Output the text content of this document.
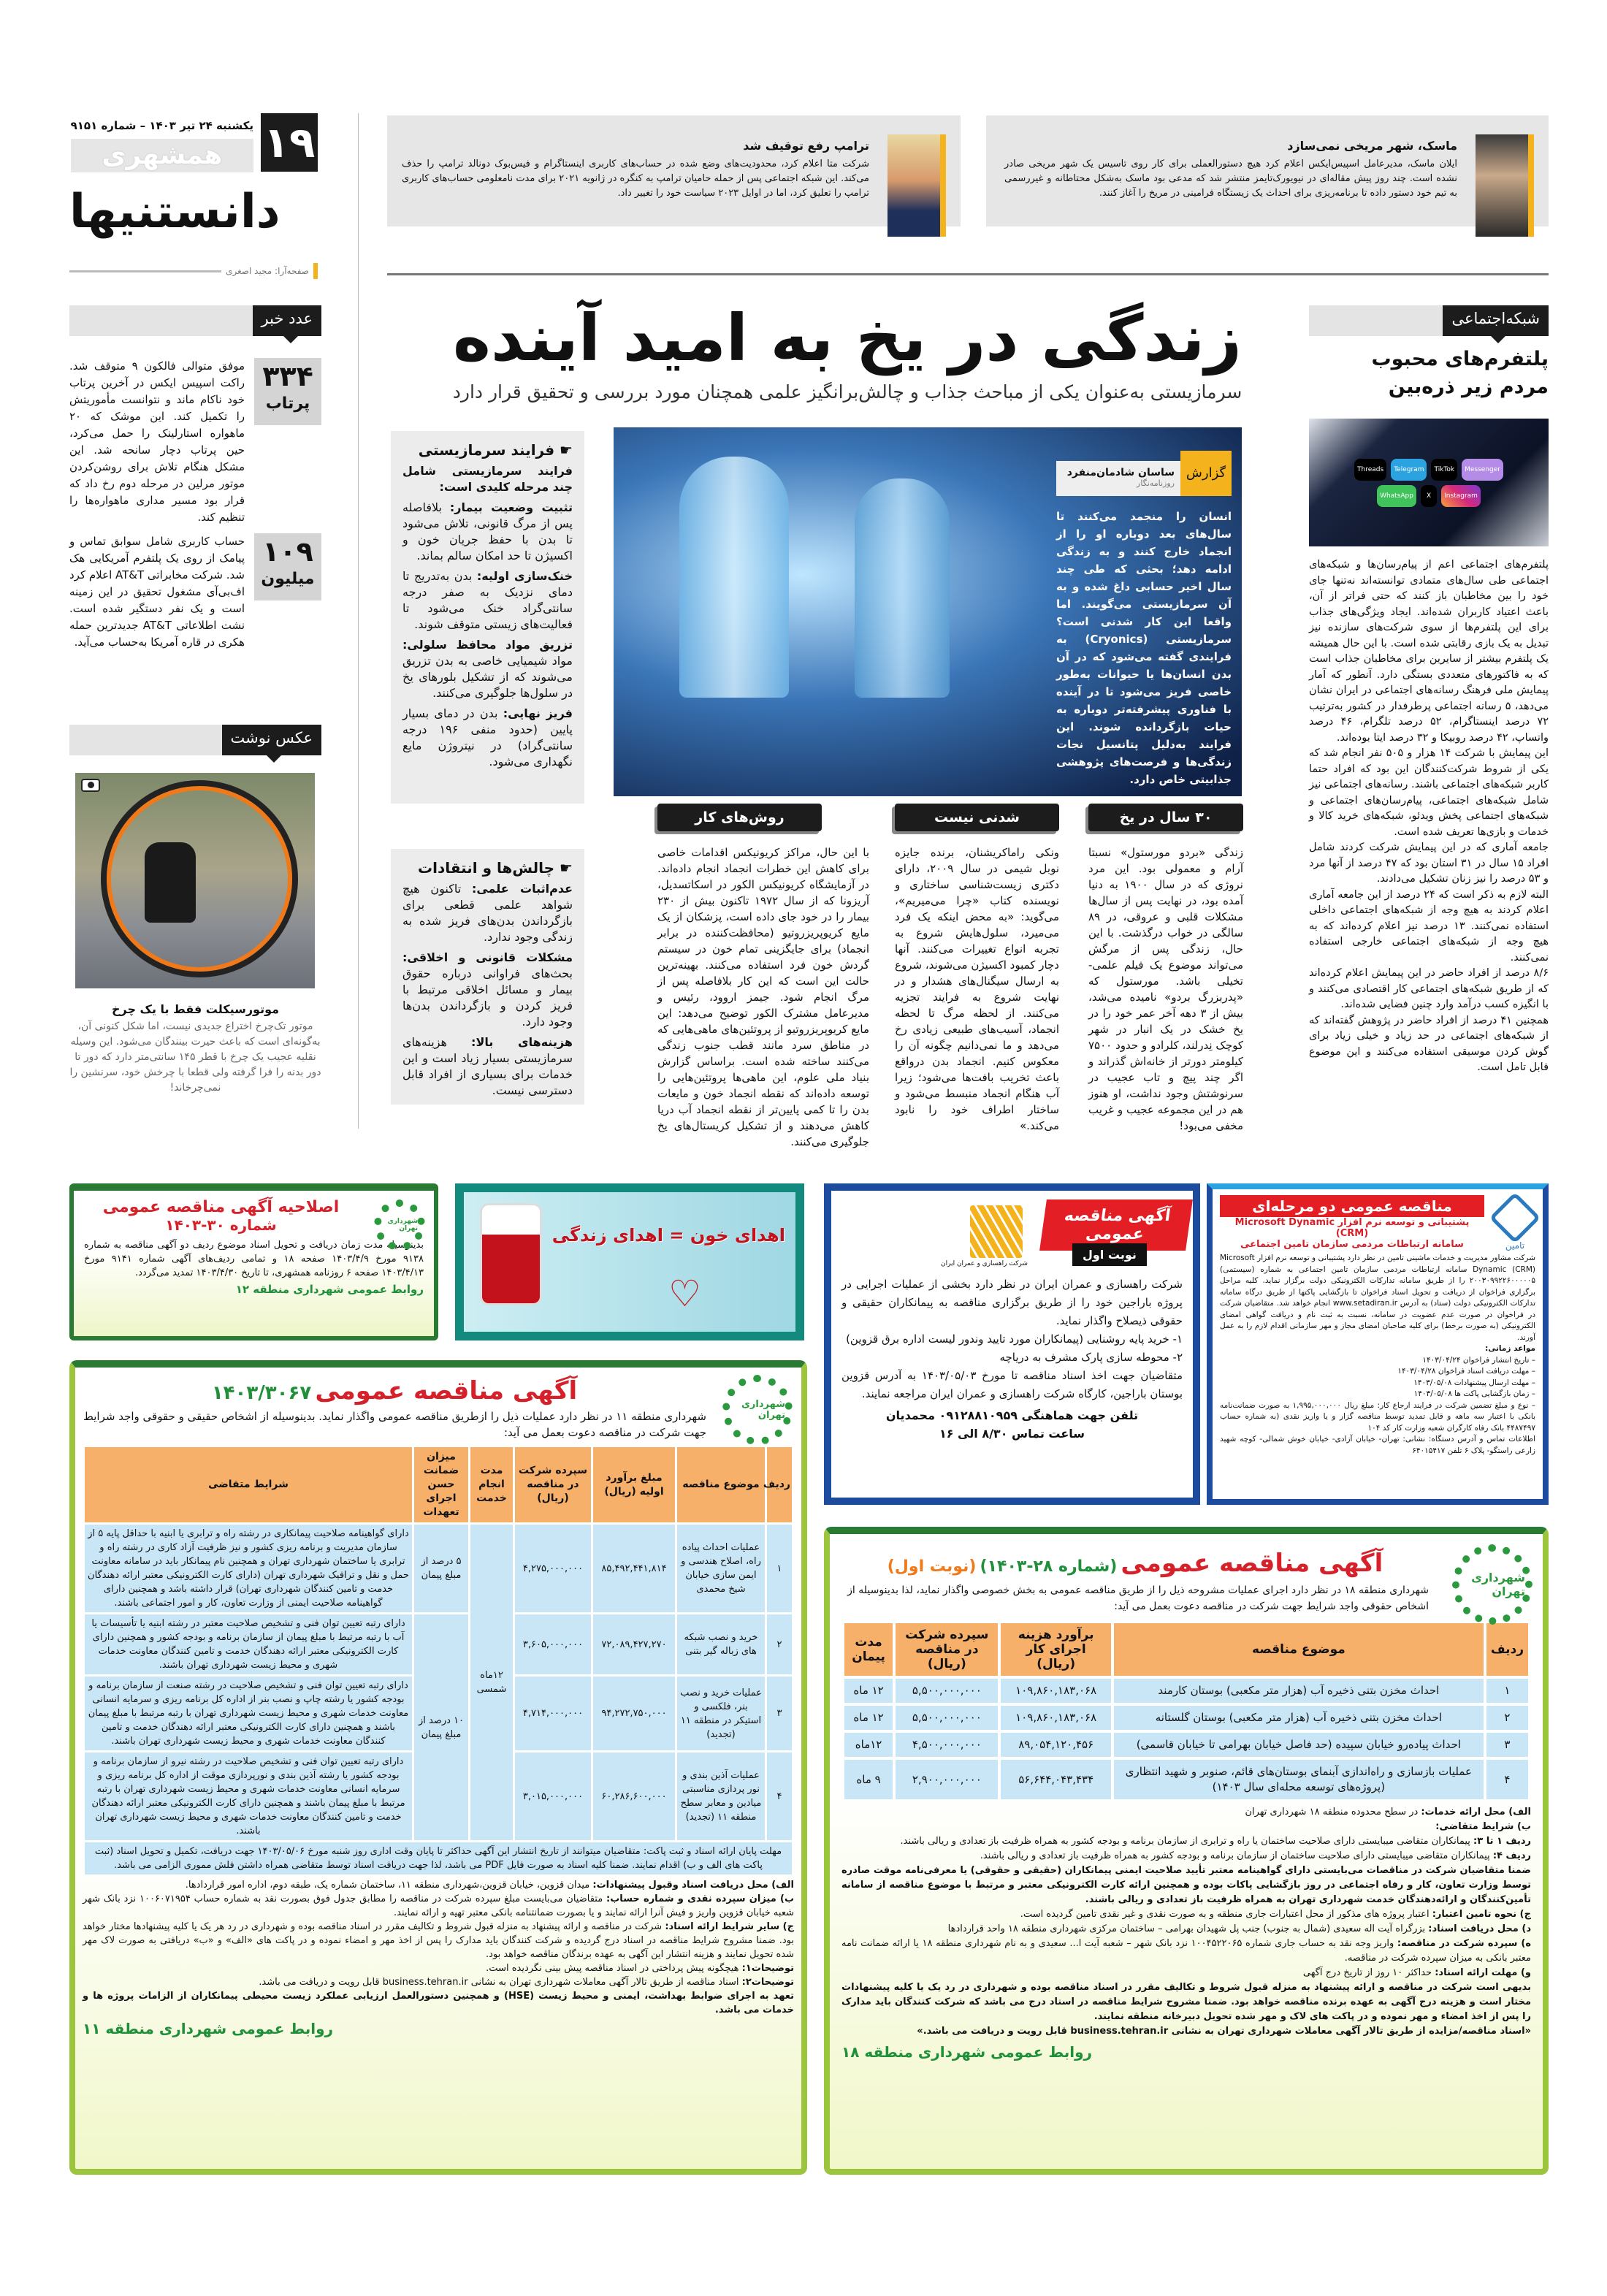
۱۹
یکشنبه ۲۴ تیر ۱۴۰۳ – شماره ۹۱۵۱
همشهری
دانستنیها
صفحه‌آرا: مجید اصغری
ماسک، شهر مریخی نمی‌سازد

ایلان ماسک، مدیرعامل اسپیس‌ایکس اعلام کرد هیچ دستورالعملی برای کار روی تاسیس یک شهر مریخی صادر نشده است. چند روز پیش مقاله‌ای در نیویورک‌تایمز منتشر شد که مدعی بود ماسک به‌شکل محتاطانه و غیررسمی به تیم خود دستور داده تا برنامه‌ریزی برای احداث یک زیستگاه فرامینی در مریخ را آغاز کنند.

ترامپ رفع توقیف شد

شرکت متا اعلام کرد، محدودیت‌های وضع شده در حساب‌های کاربری اینستاگرام و فیس‌بوک دونالد ترامپ را حذف می‌کند. این شبکه اجتماعی پس از حمله حامیان ترامپ به کنگره در ژانویه ۲۰۲۱ برای مدت نامعلومی حساب‌های کاربری ترامپ را تعلیق کرد، اما در اوایل ۲۰۲۳ سیاست خود را تغییر داد.

عدد خبر
۳۳۴
پرتاب

موفق متوالی فالکون ۹ متوقف شد. راکت اسپیس ایکس در آخرین پرتاب خود ناکام ماند و نتوانست مأموریتش را تکمیل کند. این موشک که ۲۰ ماهواره استارلینک را حمل می‌کرد، حین پرتاب دچار سانحه شد. این مشکل هنگام تلاش برای روشن‌کردن موتور مرلین در مرحله دوم رخ داد که قرار بود مسیر مداری ماهواره‌ها را تنظیم کند.

۱۰۹
میلیون

حساب کاربری شامل سوابق تماس و پیامک از روی یک پلتفرم آمریکایی هک شد. شرکت مخابراتی AT&T اعلام کرد اف‌بی‌آی مشغول تحقیق در این زمینه است و یک نفر دستگیر شده است. نشت اطلاعاتی AT&T جدیدترین حمله هکری در قاره آمریکا به‌حساب می‌آید.

عکس نوشت
موتورسیکلت فقط با یک چرخ

موتور تک‌چرخ اختراع جدیدی نیست، اما شکل کنونی آن، به‌گونه‌ای است که باعث حیرت بینندگان می‌شود. این وسیله نقلیه عجیب یک چرخ با قطر ۱۴۵ سانتی‌متر دارد که دور تا دور بدنه را فرا گرفته ولی قطعا با چرخش خود، سرنشین را نمی‌چرخاند!

زندگی در یخ به امید آینده
سرمازیستی به‌عنوان یکی از مباحث جذاب و چالش‌برانگیز علمی همچنان مورد بررسی و تحقیق قرار دارد
گزارش
ساسان شادمان‌منفرد
روزنامه‌نگار

انسان را منجمد می‌کنند تا سال‌های بعد دوباره او را از انجماد خارج کنند و به زندگی ادامه دهد؛ بحثی که طی چند سال اخیر حسابی داغ شده و به آن سرمازیستی می‌گویند. اما واقعا این کار شدنی است؟ سرمازیستی (Cryonics) به فرایندی گفته می‌شود که در آن بدن انسان‌ها یا حیوانات به‌طور خاصی فریز می‌شود تا در آینده با فناوری پیشرفته‌تر دوباره به حیات بازگردانده شوند. این فرایند به‌دلیل پتانسیل نجات زندگی‌ها و فرصت‌های پژوهشی جذابیتی خاص دارد.

☛ فرایند سرمازیستی

فرایند سرمازیستی شامل چند مرحله کلیدی است:

تثبیت وضعیت بیمار: بلافاصله پس از مرگ قانونی، تلاش می‌شود تا بدن با حفظ جریان خون و اکسیژن تا حد امکان سالم بماند.

خنک‌سازی اولیه: بدن به‌تدریج تا دمای نزدیک به صفر درجه سانتی‌گراد خنک می‌شود تا فعالیت‌های زیستی متوقف شوند.

تزریق مواد محافظ سلولی: مواد شیمیایی خاصی به بدن تزریق می‌شوند که از تشکیل بلورهای یخ در سلول‌ها جلوگیری می‌کنند.

فریز نهایی: بدن در دمای بسیار پایین (حدود منفی ۱۹۶ درجه سانتی‌گراد) در نیتروژن مایع نگهداری می‌شود.

☛ چالش‌ها و انتقادات

عدم‌اثبات علمی: تاکنون هیچ شواهد علمی قطعی برای بازگرداندن بدن‌های فریز شده به زندگی وجود ندارد.

مشکلات قانونی و اخلاقی: بحث‌های فراوانی درباره حقوق بیمار و مسائل اخلاقی مرتبط با فریز کردن و بازگرداندن بدن‌ها وجود دارد.

هزینه‌های بالا: هزینه‌های سرمازیستی بسیار زیاد است و این خدمات برای بسیاری از افراد قابل دسترسی نیست.

۳۰ سال در یخ

زندگی «بردو مورستول» نسبتا آرام و معمولی بود. این مرد نروژی که در سال ۱۹۰۰ به دنیا آمده بود، در نهایت پس از سال‌ها مشکلات قلبی و عروقی، در ۸۹ سالگی در خواب درگذشت. با این حال، زندگی پس از مرگش می‌تواند موضوع یک فیلم علمی-تخیلی باشد. مورستول که «پدربزرگ بردو» نامیده می‌شد، بیش از ۳ دهه آخر عمر خود را در یخ خشک در یک انبار در شهر کوچک نِدرلند، کلرادو و حدود ۷۵۰۰ کیلومتر دورتر از خانه‌اش گذراند و اگر چند پیچ و تاب عجیب در سرنوشتش وجود نداشت، او هنوز هم در این مجموعه عجیب و غریب مخفی می‌بود!

شدنی نیست

ونکی راماکریشنان، برنده جایزه نوبل شیمی در سال ۲۰۰۹، دارای دکتری زیست‌شناسی ساختاری و نویسنده کتاب «چرا می‌میریم»، می‌گوید: «به محض اینکه یک فرد می‌میرد، سلول‌هایش شروع به تجربه انواع تغییرات می‌کنند. آنها دچار کمبود اکسیژن می‌شوند، شروع به ارسال سیگنال‌های هشدار و در نهایت شروع به فرایند تجزیه می‌کنند. از لحظه مرگ تا لحظه انجماد، آسیب‌های طبیعی زیادی رخ می‌دهد و ما نمی‌دانیم چگونه آن را معکوس کنیم. انجماد بدن درواقع باعث تخریب بافت‌ها می‌شود؛ زیرا آب هنگام انجماد منبسط می‌شود و ساختار اطراف خود را نابود می‌کند.»

روش‌های کار

با این حال، مراکز کریونیکس اقدامات خاصی برای کاهش این خطرات انجماد انجام داده‌اند. در آزمایشگاه کریونیکس الکور در اسکاتسدیل، آریزونا که از سال ۱۹۷۲ تاکنون بیش از ۲۳۰ بیمار را در خود جای داده است، پزشکان از یک مایع کریوپریزروتیو (محافظت‌کننده در برابر انجماد) برای جایگزینی تمام خون در سیستم گردش خون فرد استفاده می‌کنند. بهینه‌ترین حالت این است که این کار بلافاصله پس از مرگ انجام شود. جیمز اروود، رئیس و مدیرعامل مشترک الکور توضیح می‌دهد: این مایع کریوپریزروتیو از پروتئین‌های ماهی‌هایی که در مناطق سرد مانند قطب جنوب زندگی می‌کنند ساخته شده است. براساس گزارش بنیاد ملی علوم، این ماهی‌ها پروتئین‌هایی را توسعه داده‌اند که نقطه انجماد خون و مایعات بدن را تا کمی پایین‌تر از نقطه انجماد آب دریا کاهش می‌دهند و از تشکیل کریستال‌های یخ جلوگیری می‌کنند.

شبکه‌اجتماعی
پلتفرم‌های محبوب مردم زیر ذره‌بین
Messenger
TikTok
Telegram
Threads
Instagram
X
WhatsApp

پلتفرم‌های اجتماعی اعم از پیام‌رسان‌ها و شبکه‌های اجتماعی طی سال‌های متمادی توانسته‌اند نه‌تنها جای خود را بین مخاطبان باز کنند که حتی فراتر از آن، باعث اعتیاد کاربران شده‌اند. ایجاد ویژگی‌های جذاب برای این پلتفرم‌ها از سوی شرکت‌های سازنده نیز تبدیل به یک بازی رقابتی شده است. با این حال همیشه یک پلتفرم بیشتر از سایرین برای مخاطبان جذاب است که به فاکتورهای متعددی بستگی دارد. آنطور که آمار پیمایش ملی فرهنگ رسانه‌های اجتماعی در ایران نشان می‌دهد، ۵ رسانه اجتماعی پرطرفدار در کشور به‌ترتیب ۷۲ درصد اینستاگرام، ۵۲ درصد تلگرام، ۴۶ درصد واتساپ، ۴۲ درصد روبیکا و ۳۲ درصد ایتا بوده‌اند.

این پیمایش با شرکت ۱۴ هزار و ۵۰۵ نفر انجام شد که یکی از شروط شرکت‌کنندگان این بود که افراد حتما کاربر شبکه‌های اجتماعی باشند. رسانه‌های اجتماعی نیز شامل شبکه‌های اجتماعی، پیام‌رسان‌های اجتماعی و شبکه‌های اجتماعی پخش ویدئو، شبکه‌های خرید کالا و خدمات و بازی‌ها تعریف شده است.

جامعه آماری که در این پیمایش شرکت کردند شامل افراد ۱۵ سال در ۳۱ استان بود که ۴۷ درصد از آنها مرد و ۵۳ درصد را نیز زنان تشکیل می‌دادند.

البته لازم به ذکر است که ۲۴ درصد از این جامعه آماری اعلام کردند به هیچ وجه از شبکه‌های اجتماعی داخلی استفاده نمی‌کنند. ۱۳ درصد نیز اعلام کرده‌اند که به هیچ وجه از شبکه‌های اجتماعی خارجی استفاده نمی‌کنند.

۸/۶ درصد از افراد حاضر در این پیمایش اعلام کرده‌اند که از طریق شبکه‌های اجتماعی کار اقتصادی می‌کنند و با انگیزه کسب درآمد وارد چنین فضایی شده‌اند.

همچنین ۴۱ درصد از افراد حاضر در پژوهش گفته‌اند که از شبکه‌های اجتماعی در حد زیاد و خیلی زیاد برای گوش کردن موسیقی استفاده می‌کنند و این موضوع قابل تامل است.

شهرداری تهران
اصلاحیه آگهی مناقصه عمومی
شماره ۳۰-۱۴۰۳

بدینوسیله مدت زمان دریافت و تحویل اسناد موضوع ردیف دو آگهی مناقصه به شماره ۹۱۳۸ مورخ ۱۴۰۳/۴/۹ صفحه ۱۸ و تمامی ردیف‌های آگهی شماره ۹۱۴۱ مورخ ۱۴۰۳/۴/۱۳ صفحه ۶ روزنامه همشهری، تا تاریخ ۱۴۰۳/۴/۳۰ تمدید می‌گردد.

روابط عمومی شهرداری منطقه ۱۲	♡
اهدای خون = اهدای زندگی
شرکت راهسازی و عمران ایران
آگهی مناقصه عمومی
نوبت اول

شرکت راهسازی و عمران ایران در نظر دارد بخشی از عملیات اجرایی در پروژه باراجین خود را از طریق برگزاری مناقصه به پیمانکاران حقیقی و حقوقی ذیصلاح واگذار نماید.

۱- خرید پایه روشنایی (پیمانکاران مورد تایید وندور لیست اداره برق قزوین)

۲- محوطه سازی پارک مشرف به دریاچه

متقاضیان جهت اخذ اسناد مناقصه تا مورخ ۱۴۰۳/۰۵/۰۳ به آدرس قزوین بوستان باراجین، کارگاه شرکت راهسازی و عمران ایران مراجعه نمایند.

تلفن جهت هماهنگی ۰۹۱۲۸۸۱۰۹۵۹ محمدیان

ساعت تماس ۸/۳۰ الی ۱۶

تامین
مناقصه عمومی دو مرحله‌ای
پشتیبانی و توسعه نرم افزار Microsoft Dynamic (CRM)
سامانه ارتباطات مردمی سازمان تامین اجتماعی

شرکت مشاور مدیریت و خدمات ماشینی تامین در نظر دارد پشتیبانی و توسعه نرم افزار Microsoft Dynamic (CRM) سامانه ارتباطات مردمی سازمان تامین اجتماعی به شماره (سیستمی) ۲۰۰۳۰۹۹۲۲۶۰۰۰۰۰۵ را از طریق سامانه تدارکات الکترونیکی دولت برگزار نماید. کلیه مراحل برگزاری فراخوان از دریافت و تحویل اسناد فراخوان تا بازگشایی پاکتها از طریق درگاه سامانه تدارکات الکترونیکی دولت (ستاد) به آدرس www.setadiran.ir انجام خواهد شد. متقاضیان شرکت در فراخوان در صورت عدم عضویت در سامانه، نسبت به ثبت نام و دریافت گواهی امضای الکترونیکی (به صورت برخط) برای کلیه صاحبان امضای مجاز و مهر سازمانی اقدام لازم را به عمل آورند.

مواعد زمانی:

– تاریخ انتشار فراخوان ۱۴۰۳/۰۴/۲۴

– مهلت دریافت اسناد فراخوان ۱۴۰۳/۰۴/۲۸

– مهلت ارسال پیشنهادات ۱۴۰۳/۰۵/۰۸

– زمان بازگشایی پاکت ها ۱۴۰۳/۰۵/۰۸

– نوع و مبلغ تضمین شرکت در فرایند ارجاع کار: مبلغ ریال ۱,۹۹۵,۰۰۰,۰۰۰ به صورت ضمانت‌نامه بانکی با اعتبار سه ماهه و قابل تمدید توسط مناقصه گزار و یا واریز نقدی (به شماره حساب ۴۴۸۷۴۹۷ بانک رفاه کارگران شعبه وزارت کار کد ۱۰۴

اطلاعات تماس و آدرس دستگاه: نشانی: تهران- خیابان آزادی- خیابان خوش شمالی- کوچه شهید زارعی راستگو- پلاک ۶ تلفن ۶۴۰۱۵۴۱۷

شهرداری تهران
آگهی مناقصه عمومی ۱۴۰۳/۳۰۶۷

شهرداری منطقه ۱۱ در نظر دارد عملیات ذیل را ازطریق مناقصه عمومی واگذار نماید. بدینوسیله از اشخاص حقیقی و حقوقی واجد شرایط جهت شرکت در مناقصه دعوت بعمل می آید:

ردیف	موضوع مناقصه	مبلغ برآورد اولیه (ریال)	سپرده شرکت در مناقصه (ریال)	مدت انجام خدمت	میزان ضمانت حسن اجرای تعهدات	شرایط متقاضی
۱	عملیات احداث پیاده راه، اصلاح هندسی و ایمن سازی خیابان شیخ محمدی	۸۵,۴۹۲,۴۴۱,۸۱۴	۴,۲۷۵,۰۰۰,۰۰۰	۱۲ماه شمسی	۵ درصد از مبلغ پیمان	دارای گواهینامه صلاحیت پیمانکاری در رشته راه و ترابری یا ابنیه با حداقل پایه ۵ از سازمان مدیریت و برنامه ریزی کشور و نیز ظرفیت آزاد کاری در رشته راه و ترابری یا ساختمان شهرداری تهران و همچنین نام پیمانکار باید در سامانه معاونت حمل و نقل و ترافیک شهرداری تهران (دارای کارت الکترونیکی معتبر ارائه دهندگان خدمت و تامین کنندگان شهرداری تهران) قرار داشته باشد و همچنین دارای گواهینامه صلاحیت ایمنی از وزارت تعاون، کار و امور اجتماعی باشند.
۲	خرید و نصب شبکه های زباله گیر بتنی	۷۲,۰۸۹,۴۲۷,۲۷۰	۳,۶۰۵,۰۰۰,۰۰۰		۱۰ درصد از مبلغ پیمان	دارای رتبه تعیین توان فنی و تشخیص صلاحیت معتبر در رشته ابنیه یا تأسیسات یا آب با رتبه مرتبط با مبلغ پیمان از سازمان برنامه و بودجه کشور و همچنین دارای کارت الکترونیکی معتبر ارائه دهندگان خدمت و تامین کنندگان معاونت خدمات شهری و محیط زیست شهرداری تهران باشند.
۳	عملیات خرید و نصب بنر، فلکسی و استیکر در منطقه ۱۱ (تجدید)	۹۴,۲۷۲,۷۵۰,۰۰۰	۴,۷۱۴,۰۰۰,۰۰۰			دارای رتبه تعیین توان فنی و تشخیص صلاحیت در رشته صنعت از سازمان برنامه و بودجه کشور یا رشته چاپ و نصب بنر از اداره کل برنامه ریزی و سرمایه انسانی معاونت خدمات شهری و محیط زیست شهرداری تهران با رتبه مرتبط با مبلغ پیمان باشند و همچنین دارای کارت الکترونیکی معتبر ارائه دهندگان خدمت و تامین کنندگان معاونت خدمات شهری و محیط زیست شهرداری تهران باشند.
۴	عملیات آذین بندی و نور پردازی مناسبتی میادین و معابر سطح منطقه ۱۱ (تجدید)	۶۰,۲۸۶,۶۰۰,۰۰۰	۳,۰۱۵,۰۰۰,۰۰۰			دارای رتبه تعیین توان فنی و تشخیص صلاحیت در رشته نیرو از سازمان برنامه و بودجه کشور یا رشته آذین بندی و نورپردازی موقت از اداره کل برنامه ریزی و سرمایه انسانی معاونت خدمات شهری و محیط زیست شهرداری تهران با رتبه مرتبط با مبلغ پیمان باشند و همچنین دارای کارت الکترونیکی معتبر ارائه دهندگان خدمت و تامین کنندگان معاونت خدمات شهری و محیط زیست شهرداری تهران باشند.
مهلت پایان ارائه اسناد و ثبت پاکت: متقاضیان میتوانند از تاریخ انتشار این آگهی حداکثر تا پایان وقت اداری روز شنبه مورخ ۱۴۰۳/۰۵/۰۶ جهت دریافت، تکمیل و تحویل اسناد (ثبت پاکت های الف و ب) اقدام نمایند. ضمنا کلیه اسناد به صورت فایل PDF می باشد، لذا جهت دریافت اسناد توسط متقاضی همراه داشتن فلش مموری الزامی می باشد.						

الف) محل دریافت اسناد وقبول پیشنهادات: میدان قزوین، خیابان قزوین،شهرداری منطقه ۱۱، ساختمان شماره یک، طبقه دوم، اداره امور قراردادها.

ب) میزان سپرده نقدی و شماره حساب: متقاضیان می‌بایست مبلغ سپرده شرکت در مناقصه را مطابق جدول فوق بصورت نقد به شماره حساب ۱۰۰۶۰۷۱۹۵۴ نزد بانک شهر شعبه خیابان قزوین واریز و فیش آنرا ارائه نمایند و یا بصورت ضمانتنامه بانکی معتبر تهیه و ارائه نمایند.

ج) سایر شرایط ارائه اسناد: شرکت در مناقصه و ارائه پیشنهاد به منزله قبول شروط و تکالیف مقرر در اسناد مناقصه بوده و شهرداری در رد هر یک یا کلیه پیشنهادها مختار خواهد بود. ضمنا مشروح شرایط مناقصه در اسناد درج گردیده و شرکت کنندگان باید مدارک را پس از اخذ مهر و امضاء نموده و در پاکت های «الف» و «ب» دریافتی به صورت لاک مهر شده تحویل نمایند و هزینه انتشار این آگهی به عهده برندگان مناقصه خواهد بود.

توضیحات۱: هیچگونه پیش پرداختی در اسناد مناقصه پیش بینی نگردیده است.

توضیحات۲: اسناد مناقصه از طریق تالار آگهی معاملات شهرداری تهران به نشانی business.tehran.ir قابل رویت و دریافت می باشد.

تعهد به اجرای ضوابط بهداشت، ایمنی و محیط زیست (HSE) و همچنین دستورالعمل ارزیابی عملکرد زیست محیطی پیمانکاران از الزامات پروژه ها و خدمات می باشد.

روابط عمومی شهرداری منطقه ۱۱
شهرداری تهران
آگهی مناقصه عمومی (شماره ۲۸-۱۴۰۳) (نوبت اول)

شهرداری منطقه ۱۸ در نظر دارد اجرای عملیات مشروحه ذیل را از طریق مناقصه عمومی به بخش خصوصی واگذار نماید، لذا بدینوسیله از اشخاص حقوقی واجد شرایط جهت شرکت در مناقصه دعوت بعمل می آید:

ردیف	موضوع مناقصه	برآورد هزینه اجرای کار (ریال)	سپرده شرکت در مناقصه (ریال)	مدت پیمان
۱	احداث مخزن بتنی ذخیره آب (هزار متر مکعبی) بوستان کارمند	۱۰۹,۸۶۰,۱۸۳,۰۶۸	۵,۵۰۰,۰۰۰,۰۰۰	۱۲ ماه
۲	احداث مخزن بتنی ذخیره آب (هزار متر مکعبی) بوستان گلستانه	۱۰۹,۸۶۰,۱۸۳,۰۶۸	۵,۵۰۰,۰۰۰,۰۰۰	۱۲ ماه
۳	احداث پیاده‌رو خیابان سپیده (حد فاصل خیابان بهرامی تا خیابان قاسمی)	۸۹,۰۵۴,۱۲۰,۴۵۶	۴,۵۰۰,۰۰۰,۰۰۰	۱۲ماه
۴	عملیات بازسازی و راه‌اندازی آبنمای بوستان‌های قائم، صنوبر و شهید انتظاری (پروژه‌های توسعه محله‌ای سال ۱۴۰۳)	۵۶,۶۴۴,۰۴۳,۴۳۴	۲,۹۰۰,۰۰۰,۰۰۰	۹ ماه

الف) محل ارائه خدمات: در سطح محدوده منطقه ۱۸ شهرداری تهران

ب) شرایط متقاضی:

ردیف ۱ تا ۳: پیمانکاران متقاضی میبایستی دارای صلاحیت ساختمان یا راه و ترابری از سازمان برنامه و بودجه کشور به همراه ظرفیت باز تعدادی و ریالی باشند.

ردیف ۴: پیمانکاران متقاضی میبایستی دارای صلاحیت ساختمان از سازمان برنامه و بودجه کشور به همراه ظرفیت باز تعدادی و ریالی باشند.

ضمنا متقاضیان شرکت در مناقصات می‌بایستی دارای گواهینامه معتبر تأیید صلاحیت ایمنی پیمانکاران (حقیقی و حقوقی) یا معرفی‌نامه موقت صادره توسط وزارت تعاون، کار و رفاه اجتماعی در روز بازگشایی پاکات بوده و همچنین ارائه کارت الکترونیکی معتبر و مرتبط با موضوع مناقصه از سامانه تأمین‌کنندگان و ارائه‌دهندگان خدمت شهرداری تهران به همراه ظرفیت باز تعدادی و ریالی باشند.

ج) نحوه تامین اعتبار: اعتبار پروژه های مذکور از محل اعتبارات جاری منطقه و به صورت نقدی و غیر نقدی تامین گردیده است.

د) محل دریافت اسناد: بزرگراه آیت اله سعیدی (شمال به جنوب) جنب پل شهیدان بهرامی – ساختمان مرکزی شهرداری منطقه ۱۸ واحد قراردادها

ه) سپرده شرکت در مناقصه: واریز وجه نقد به حساب جاری شماره ۱۰۰۴۵۲۲۰۶۵ نزد بانک شهر – شعبه آیت ا... سعیدی و به نام شهرداری منطقه ۱۸ یا ارائه ضمانت نامه معتبر بانکی به میزان سپرده شرکت در مناقصه.

و) مهلت ارائه اسناد: حداکثر ۱۰ روز از تاریخ درج آگهی

بدیهی است شرکت در مناقصه و ارائه پیشنهاد به منزله قبول شروط و تکالیف مقرر در اسناد مناقصه بوده و شهرداری در رد یک یا کلیه پیشنهادات مختار است و هزینه درج آگهی به عهده برنده مناقصه خواهد بود. ضمنا مشروح شرایط مناقصه در اسناد درج می باشد که شرکت کنندگان باید مدارک را پس از اخذ امضاء و مهر نموده و در پاکت های لاک و مهر شده تحویل دبیرخانه منطقه نمایند.

«اسناد مناقصه/مزایده از طریق تالار آگهی معاملات شهرداری تهران به نشانی business.tehran.ir قابل رویت و دریافت می باشد.»

روابط عمومی شهرداری منطقه ۱۸
